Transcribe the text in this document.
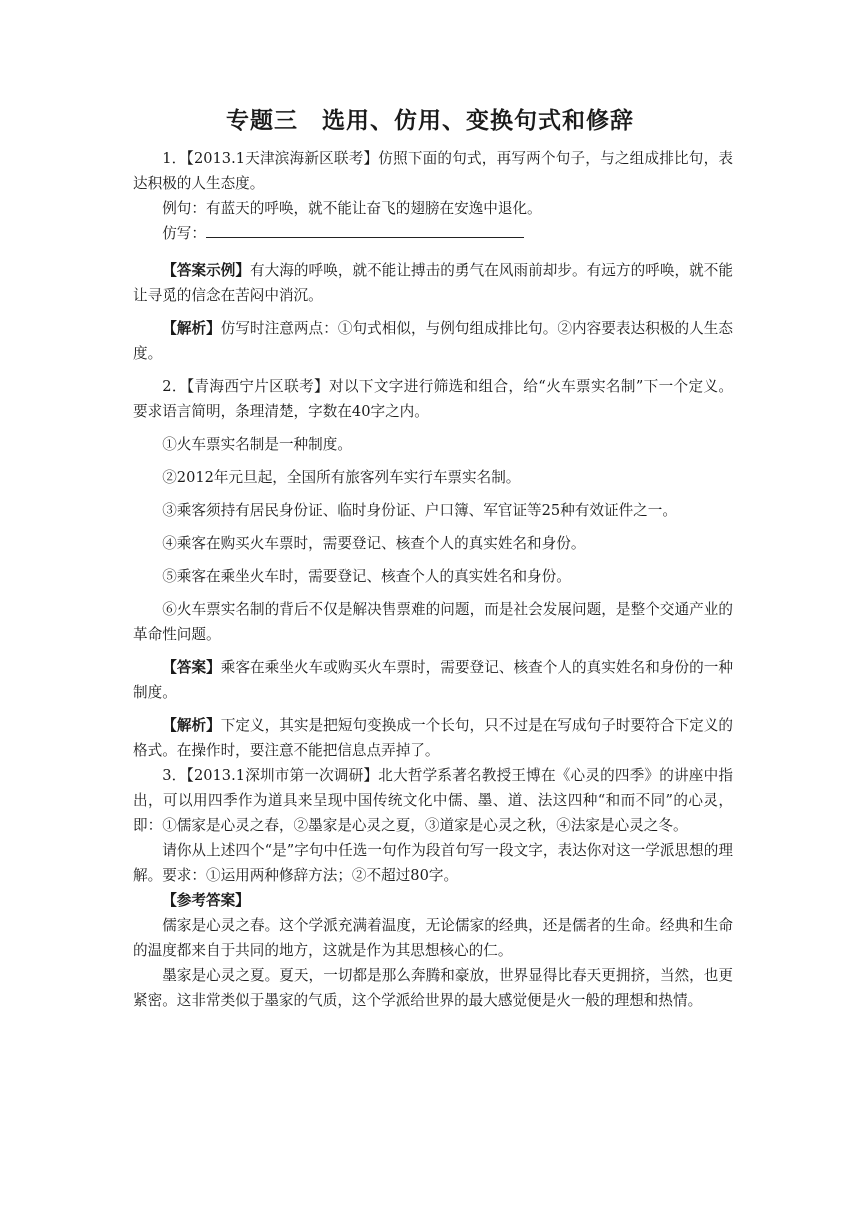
专题三　选用、仿用、变换句式和修辞

1．【2013.1天津滨海新区联考】仿照下面的句式，再写两个句子，与之组成排比句，表达积极的人生态度。

例句：有蓝天的呼唤，就不能让奋飞的翅膀在安逸中退化。

仿写：

【答案示例】有大海的呼唤，就不能让搏击的勇气在风雨前却步。有远方的呼唤，就不能让寻觅的信念在苦闷中消沉。

【解析】仿写时注意两点：①句式相似，与例句组成排比句。②内容要表达积极的人生态度。

2．【青海西宁片区联考】对以下文字进行筛选和组合，给“火车票实名制”下一个定义。要求语言简明，条理清楚，字数在40字之内。

①火车票实名制是一种制度。

②2012年元旦起，全国所有旅客列车实行车票实名制。

③乘客须持有居民身份证、临时身份证、户口簿、军官证等25种有效证件之一。

④乘客在购买火车票时，需要登记、核查个人的真实姓名和身份。

⑤乘客在乘坐火车时，需要登记、核查个人的真实姓名和身份。

⑥火车票实名制的背后不仅是解决售票难的问题，而是社会发展问题，是整个交通产业的革命性问题。

【答案】乘客在乘坐火车或购买火车票时，需要登记、核查个人的真实姓名和身份的一种制度。

【解析】下定义，其实是把短句变换成一个长句，只不过是在写成句子时要符合下定义的格式。在操作时，要注意不能把信息点弄掉了。

3．【2013.1深圳市第一次调研】北大哲学系著名教授王博在《心灵的四季》的讲座中指出，可以用四季作为道具来呈现中国传统文化中儒、墨、道、法这四种“和而不同”的心灵，即：①儒家是心灵之春，②墨家是心灵之夏，③道家是心灵之秋，④法家是心灵之冬。

请你从上述四个“是”字句中任选一句作为段首句写一段文字，表达你对这一学派思想的理解。要求：①运用两种修辞方法；②不超过80字。

【参考答案】

儒家是心灵之春。这个学派充满着温度，无论儒家的经典，还是儒者的生命。经典和生命的温度都来自于共同的地方，这就是作为其思想核心的仁。

墨家是心灵之夏。夏天，一切都是那么奔腾和豪放，世界显得比春天更拥挤，当然，也更紧密。这非常类似于墨家的气质，这个学派给世界的最大感觉便是火一般的理想和热情。
